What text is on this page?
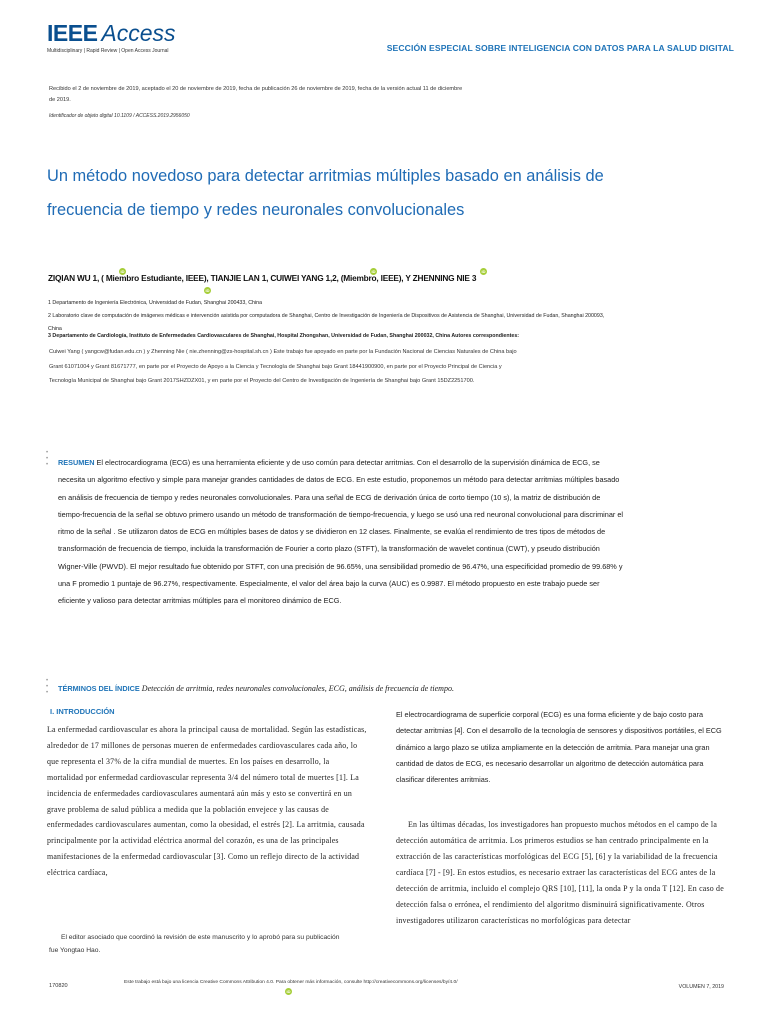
IEEE Access
Multidisciplinary | Rapid Review | Open Access Journal	SECCIÓN ESPECIAL SOBRE INTELIGENCIA CON DATOS PARA LA SALUD DIGITAL
Recibido el 2 de noviembre de 2019, aceptado el 20 de noviembre de 2019, fecha de publicación 26 de noviembre de 2019, fecha de la versión actual 11 de diciembre de 2019.
Identificador de objeto digital 10.1109 / ACCESS.2019.2956050
Un método novedoso para detectar arritmias múltiples basado en análisis de frecuencia de tiempo y redes neuronales convolucionales
iD	iD	iD
iD
ZIQIAN WU 1, ( Miembro Estudiante, IEEE), TIANJIE LAN 1, CUIWEI YANG 1,2, (Miembro, IEEE), Y ZHENNING NIE 3
1 Departamento de Ingeniería Electrónica, Universidad de Fudan, Shanghai 200433, China
2 Laboratorio clave de computación de imágenes médicas e intervención asistida por computadora de Shanghai, Centro de Investigación de Ingeniería de Dispositivos de Asistencia de Shanghai, Universidad de Fudan, Shanghai 200093,
China
3 Departamento de Cardiología, Instituto de Enfermedades Cardiovasculares de Shanghai, Hospital Zhongshan, Universidad de Fudan, Shanghai 200032, China Autores correspondientes:
Cuiwei Yang ( yangcw@fudan.edu.cn ) y Zhenning Nie ( nie.zhenning@zs-hospital.sh.cn ) Este trabajo fue apoyado en parte por la Fundación Nacional de Ciencias Naturales de China bajo
Grant 61071004 y Grant 81671777, en parte por el Proyecto de Apoyo a la Ciencia y Tecnología de Shanghai bajo Grant 18441900900, en parte por el Proyecto Principal de Ciencia y
Tecnología Municipal de Shanghai bajo Grant 2017SHZDZX01, y en parte por el Proyecto del Centro de Investigación de Ingeniería de Shanghai bajo Grant 15DZ2251700.
•
•
• RESUMEN El electrocardiograma (ECG) es una herramienta eficiente y de uso común para detectar arritmias. Con el desarrollo de la supervisión dinámica de ECG, se necesita un algoritmo efectivo y simple para manejar grandes cantidades de datos de ECG. En este estudio, proponemos un método para detectar arritmias múltiples basado en análisis de frecuencia de tiempo y redes neuronales convolucionales. Para una señal de ECG de derivación única de corto tiempo (10 s), la matriz de distribución de tiempo-frecuencia de la señal se obtuvo primero usando un método de transformación de tiempo-frecuencia, y luego se usó una red neuronal convolucional para discriminar el ritmo de la señal . Se utilizaron datos de ECG en múltiples bases de datos y se dividieron en 12 clases. Finalmente, se evalúa el rendimiento de tres tipos de métodos de transformación de frecuencia de tiempo, incluida la transformación de Fourier a corto plazo (STFT), la transformación de wavelet continua (CWT), y pseudo distribución Wigner-Ville (PWVD). El mejor resultado fue obtenido por STFT, con una precisión de 96.65%, una sensibilidad promedio de 96.47%, una especificidad promedio de 99.68% y una F promedio 1 puntaje de 96.27%, respectivamente. Especialmente, el valor del área bajo la curva (AUC) es 0.9987. El método propuesto en este trabajo puede ser eficiente y valioso para detectar arritmias múltiples para el monitoreo dinámico de ECG.
•
•
• TÉRMINOS DEL ÍNDICE Detección de arritmia, redes neuronales convolucionales, ECG, análisis de frecuencia de tiempo.
I. INTRODUCCIÓN

La enfermedad cardiovascular es ahora la principal causa de mortalidad. Según las estadísticas, alrededor de 17 millones de personas mueren de enfermedades cardiovasculares cada año, lo que representa el 37% de la cifra mundial de muertes. En los países en desarrollo, la mortalidad por enfermedad cardiovascular representa 3/4 del número total de muertes [1]. La incidencia de enfermedades cardiovasculares aumentará aún más y esto se convertirá en un grave problema de salud pública a medida que la población envejece y las causas de enfermedades cardiovasculares aumentan, como la obesidad, el estrés [2]. La arritmia, causada principalmente por la actividad eléctrica anormal del corazón, es una de las principales manifestaciones de la enfermedad cardiovascular [3]. Como un reflejo directo de la actividad eléctrica cardíaca,

El electrocardiograma de superficie corporal (ECG) es una forma eficiente y de bajo costo para detectar arritmias [4]. Con el desarrollo de la tecnología de sensores y dispositivos portátiles, el ECG dinámico a largo plazo se utiliza ampliamente en la detección de arritmia. Para manejar una gran cantidad de datos de ECG, es necesario desarrollar un algoritmo de detección automática para clasificar diferentes arritmias.

En las últimas décadas, los investigadores han propuesto muchos métodos en el campo de la detección automática de arritmia. Los primeros estudios se han centrado principalmente en la extracción de las características morfológicas del ECG [5], [6] y la variabilidad de la frecuencia cardíaca [7] - [9]. En estos estudios, es necesario extraer las características del ECG antes de la detección de arritmia, incluido el complejo QRS [10], [11], la onda P y la onda T [12]. En caso de detección falsa o errónea, el rendimiento del algoritmo disminuirá significativamente. Otros investigadores utilizaron características no morfológicas para detectar

El editor asociado que coordinó la revisión de este manuscrito y lo aprobó para su publicación fue Yongtao Hao.
iD
170820
Este trabajo está bajo una licencia Creative Commons Attribution 4.0. Para obtener más información, consulte http://creativecommons.org/licenses/by/4.0/
VOLUMEN 7, 2019
